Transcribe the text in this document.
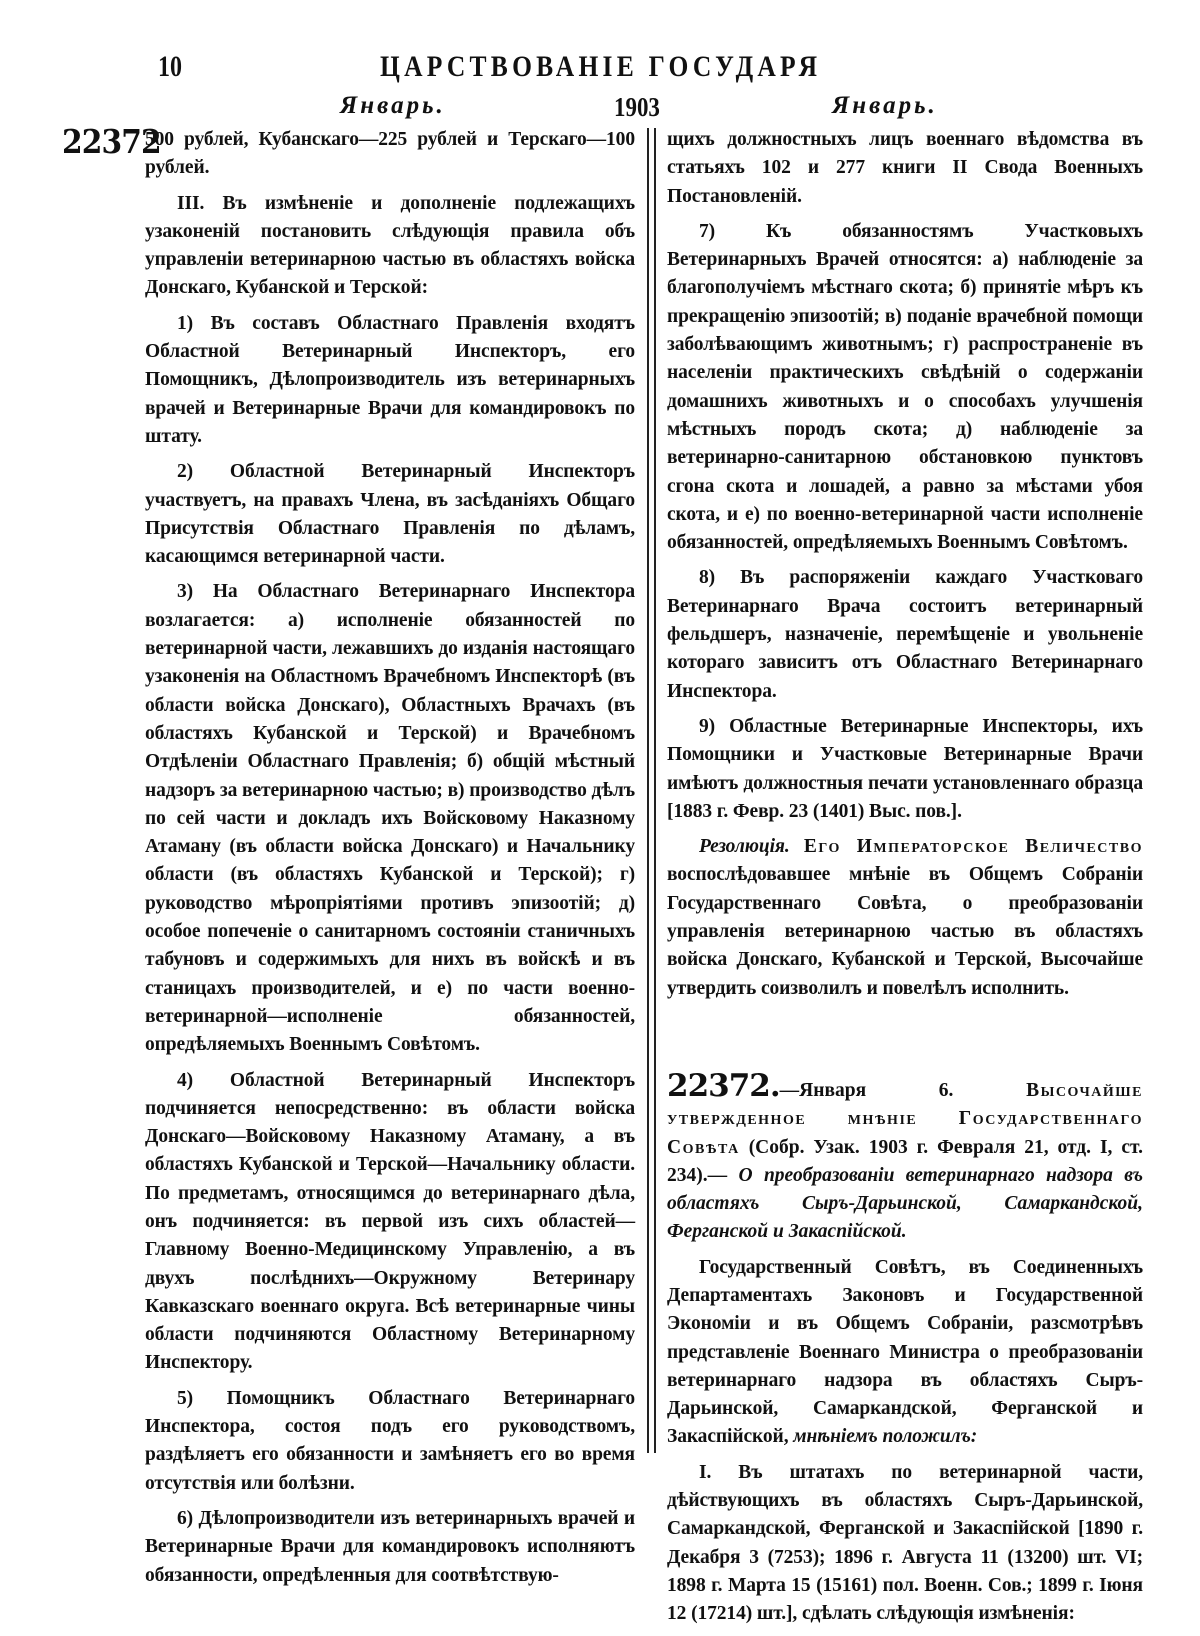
10	ЦАРСТВОВАНІЕ ГОСУДАРЯ
Январь.	1903	Январь.
22372

500 рублей, Кубанскаго—225 рублей и Терскаго—100 рублей.

III. Въ измѣненіе и дополненіе подлежащихъ узаконеній постановить слѣдующія правила объ управленіи ветеринарною частью въ областяхъ войска Донскаго, Кубанской и Терской:

1) Въ составъ Областнаго Правленія входятъ Областной Ветеринарный Инспекторъ, его Помощникъ, Дѣлопроизводитель изъ ветеринарныхъ врачей и Ветеринарные Врачи для командировокъ по штату.

2) Областной Ветеринарный Инспекторъ участвуетъ, на правахъ Члена, въ засѣданіяхъ Общаго Присутствія Областнаго Правленія по дѣламъ, касающимся ветеринарной части.

3) На Областнаго Ветеринарнаго Инспектора возлагается: а) исполненіе обязанностей по ветеринарной части, лежавшихъ до изданія настоящаго узаконенія на Областномъ Врачебномъ Инспекторѣ (въ области войска Донскаго), Областныхъ Врачахъ (въ областяхъ Кубанской и Терской) и Врачебномъ Отдѣленіи Областнаго Правленія; б) общій мѣстный надзоръ за ветеринарною частью; в) производство дѣлъ по сей части и докладъ ихъ Войсковому Наказному Атаману (въ области войска Донскаго) и Начальнику области (въ областяхъ Кубанской и Терской); г) руководство мѣропріятіями противъ эпизоотій; д) особое попеченіе о санитарномъ состояніи станичныхъ табуновъ и содержимыхъ для нихъ въ войскѣ и въ станицахъ производителей, и е) по части военно-ветеринарной—исполненіе обязанностей, опредѣляемыхъ Военнымъ Совѣтомъ.

4) Областной Ветеринарный Инспекторъ подчиняется непосредственно: въ области войска Донскаго—Войсковому Наказному Атаману, а въ областяхъ Кубанской и Терской—Начальнику области. По предметамъ, относящимся до ветеринарнаго дѣла, онъ подчиняется: въ первой изъ сихъ областей—Главному Военно-Медицинскому Управленію, а въ двухъ послѣднихъ—Окружному Ветеринару Кавказскаго военнаго округа. Всѣ ветеринарные чины области подчиняются Областному Ветеринарному Инспектору.

5) Помощникъ Областнаго Ветеринарнаго Инспектора, состоя подъ его руководствомъ, раздѣляетъ его обязанности и замѣняетъ его во время отсутствія или болѣзни.

6) Дѣлопроизводители изъ ветеринарныхъ врачей и Ветеринарные Врачи для командировокъ исполняютъ обязанности, опредѣленныя для соотвѣтствую-

щихъ должностныхъ лицъ военнаго вѣдомства въ статьяхъ 102 и 277 книги II Свода Военныхъ Постановленій.

7) Къ обязанностямъ Участковыхъ Ветеринарныхъ Врачей относятся: а) наблюденіе за благополучіемъ мѣстнаго скота; б) принятіе мѣръ къ прекращенію эпизоотій; в) поданіе врачебной помощи заболѣвающимъ животнымъ; г) распространеніе въ населеніи практическихъ свѣдѣній о содержаніи домашнихъ животныхъ и о способахъ улучшенія мѣстныхъ породъ скота; д) наблюденіе за ветеринарно-санитарною обстановкою пунктовъ сгона скота и лошадей, а равно за мѣстами убоя скота, и е) по военно-ветеринарной части исполненіе обязанностей, опредѣляемыхъ Военнымъ Совѣтомъ.

8) Въ распоряженіи каждаго Участковаго Ветеринарнаго Врача состоитъ ветеринарный фельдшеръ, назначеніе, перемѣщеніе и увольненіе котораго зависитъ отъ Областнаго Ветеринарнаго Инспектора.

9) Областные Ветеринарные Инспекторы, ихъ Помощники и Участковые Ветеринарные Врачи имѣютъ должностныя печати установленнаго образца [1883 г. Февр. 23 (1401) Выс. пов.].

Резолюція. Его Императорское Величество воспослѣдовавшее мнѣніе въ Общемъ Собраніи Государственнаго Совѣта, о преобразованіи управленія ветеринарною частью въ областяхъ войска Донскаго, Кубанской и Терской, Высочайше утвердить соизволилъ и повелѣлъ исполнить.

22372.—Января 6.	Высочайше утвержденное мнѣніе Государственнаго Совѣта (Собр. Узак. 1903 г. Февраля 21, отд. I, ст. 234).— О преобразованіи ветеринарнаго надзора въ областяхъ Сыръ-Дарьинской, Самаркандской, Ферганской и Закаспійской.

Государственный Совѣтъ, въ Соединенныхъ Департаментахъ Законовъ и Государственной Экономіи и въ Общемъ Собраніи, разсмотрѣвъ представленіе Военнаго Министра о преобразованіи ветеринарнаго надзора въ областяхъ Сыръ-Дарьинской, Самаркандской, Ферганской и Закаспійской, мнѣніемъ положилъ:

I. Въ штатахъ по ветеринарной части, дѣйствующихъ въ областяхъ Сыръ-Дарьинской, Самаркандской, Ферганской и Закаспійской [1890 г. Декабря 3 (7253); 1896 г. Августа 11 (13200) шт. VI; 1898 г. Марта 15 (15161) пол. Военн. Сов.; 1899 г. Іюня 12 (17214) шт.], сдѣлать слѣдующія измѣненія:
